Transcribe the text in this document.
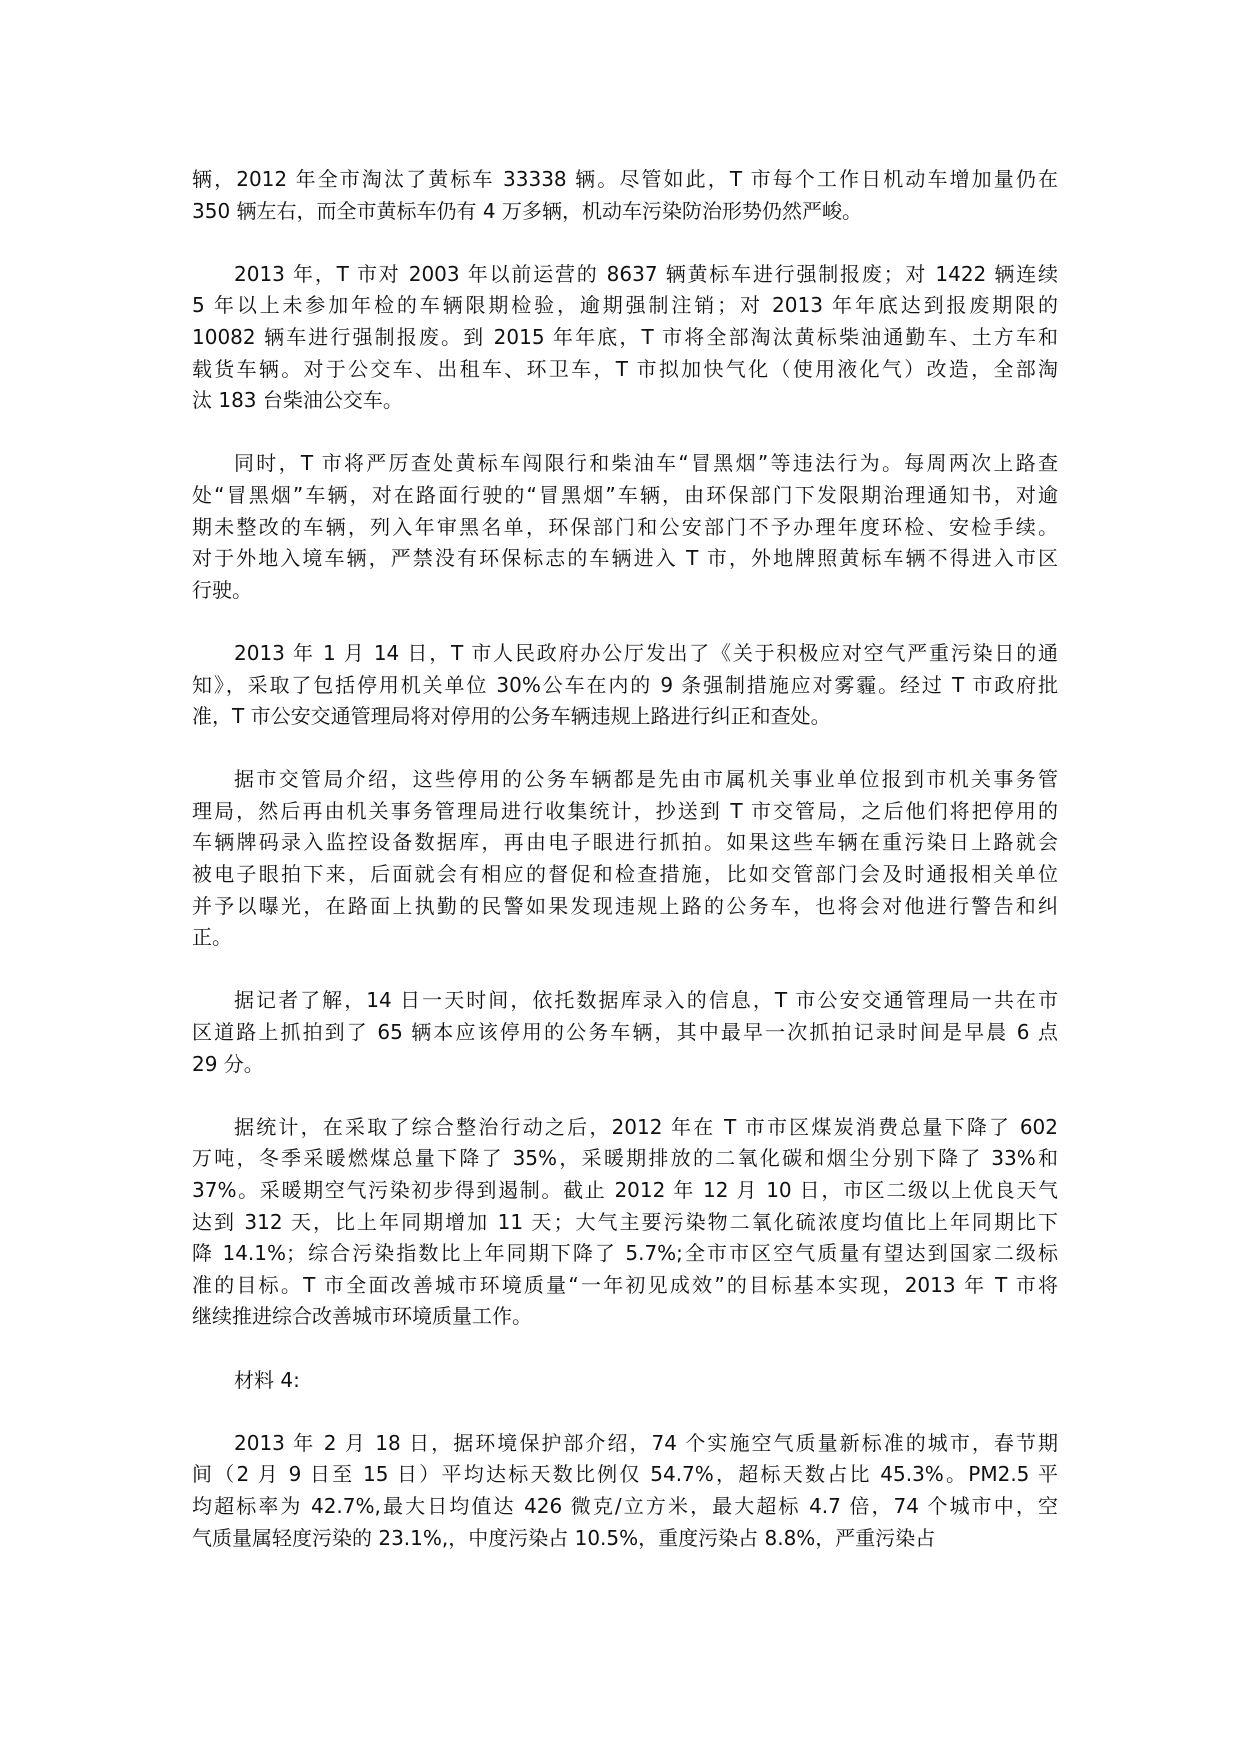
辆，2012 年全市淘汰了黄标车 33338 辆。尽管如此，T 市每个工作日机动车增加量仍在
350 辆左右，而全市黄标车仍有 4 万多辆，机动车污染防治形势仍然严峻。
2013 年，T 市对 2003 年以前运营的 8637 辆黄标车进行强制报废；对 1422 辆连续
5 年以上未参加年检的车辆限期检验，逾期强制注销；对 2013 年年底达到报废期限的
10082 辆车进行强制报废。到 2015 年年底，T 市将全部淘汰黄标柴油通勤车、土方车和
载货车辆。对于公交车、出租车、环卫车，T 市拟加快气化（使用液化气）改造，全部淘
汰 183 台柴油公交车。
同时，T 市将严厉查处黄标车闯限行和柴油车“冒黑烟”等违法行为。每周两次上路查
处“冒黑烟”车辆，对在路面行驶的“冒黑烟”车辆，由环保部门下发限期治理通知书，对逾
期未整改的车辆，列入年审黑名单，环保部门和公安部门不予办理年度环检、安检手续。
对于外地入境车辆，严禁没有环保标志的车辆进入 T 市，外地牌照黄标车辆不得进入市区
行驶。
2013 年 1 月 14 日，T 市人民政府办公厅发出了《关于积极应对空气严重污染日的通
知》，采取了包括停用机关单位 30%公车在内的 9 条强制措施应对雾霾。经过 T 市政府批
准，T 市公安交通管理局将对停用的公务车辆违规上路进行纠正和查处。
据市交管局介绍，这些停用的公务车辆都是先由市属机关事业单位报到市机关事务管
理局，然后再由机关事务管理局进行收集统计，抄送到 T 市交管局，之后他们将把停用的
车辆牌码录入监控设备数据库，再由电子眼进行抓拍。如果这些车辆在重污染日上路就会
被电子眼拍下来，后面就会有相应的督促和检查措施，比如交管部门会及时通报相关单位
并予以曝光，在路面上执勤的民警如果发现违规上路的公务车，也将会对他进行警告和纠
正。
据记者了解，14 日一天时间，依托数据库录入的信息，T 市公安交通管理局一共在市
区道路上抓拍到了 65 辆本应该停用的公务车辆，其中最早一次抓拍记录时间是早晨 6 点
29 分。
据统计，在采取了综合整治行动之后，2012 年在 T 市市区煤炭消费总量下降了 602
万吨，冬季采暖燃煤总量下降了 35%，采暖期排放的二氧化碳和烟尘分别下降了 33%和
37%。采暖期空气污染初步得到遏制。截止 2012 年 12 月 10 日，市区二级以上优良天气
达到 312 天，比上年同期增加 11 天；大气主要污染物二氧化硫浓度均值比上年同期比下
降 14.1%；综合污染指数比上年同期下降了 5.7%;全市市区空气质量有望达到国家二级标
准的目标。T 市全面改善城市环境质量“一年初见成效”的目标基本实现，2013 年 T 市将
继续推进综合改善城市环境质量工作。
材料 4:
2013 年 2 月 18 日，据环境保护部介绍，74 个实施空气质量新标准的城市，春节期
间（2 月 9 日至 15 日）平均达标天数比例仅 54.7%，超标天数占比 45.3%。PM2.5 平
均超标率为 42.7%,最大日均值达 426 微克/立方米，最大超标 4.7 倍，74 个城市中，空
气质量属轻度污染的 23.1%,，中度污染占 10.5%，重度污染占 8.8%，严重污染占
